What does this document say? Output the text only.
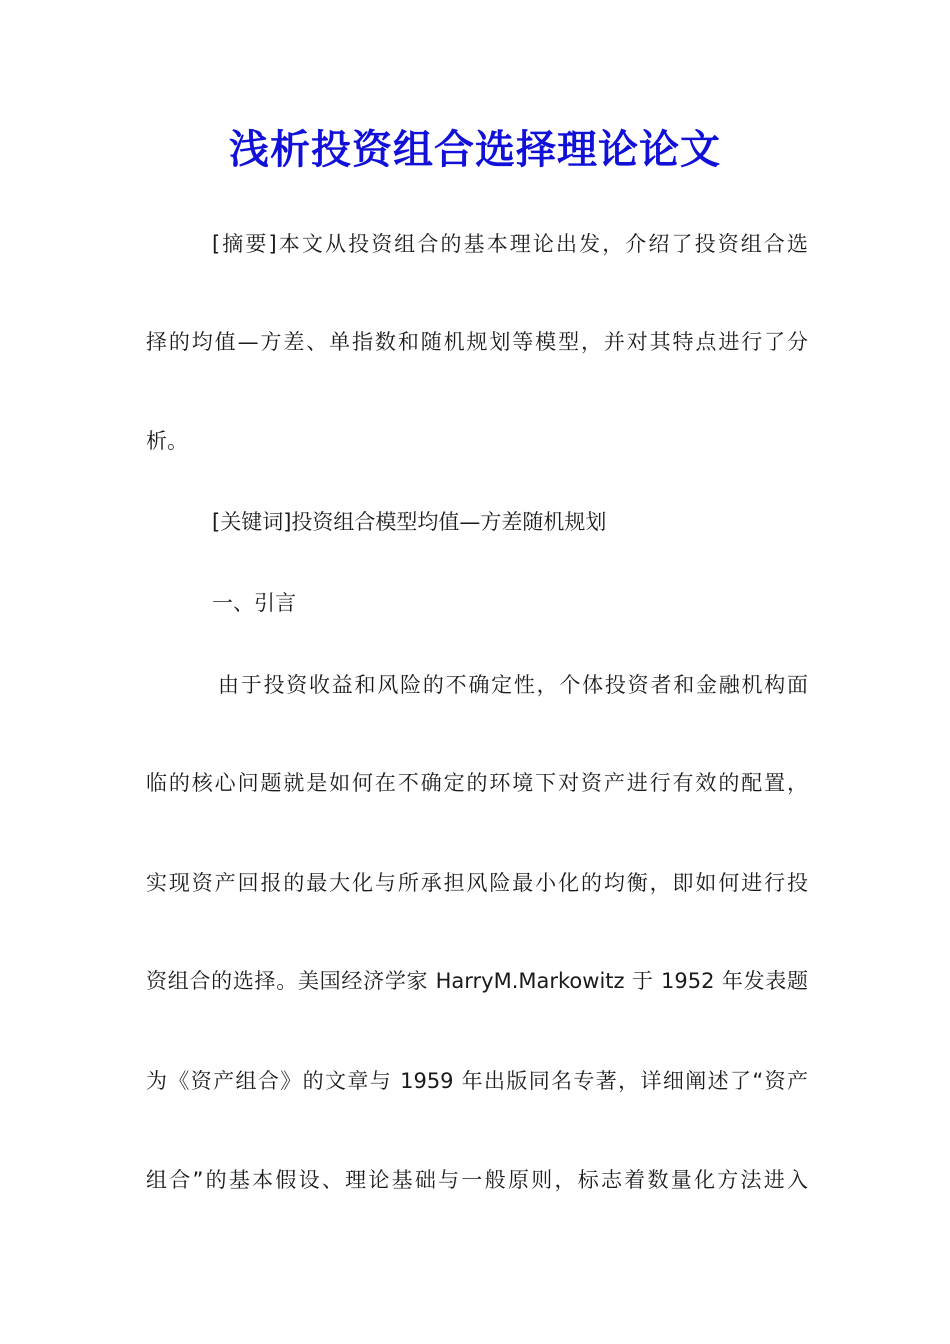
浅析投资组合选择理论论文

[摘要]本文从投资组合的基本理论出发，介绍了投资组合选

择的均值—方差、单指数和随机规划等模型，并对其特点进行了分

析。

[关键词]投资组合模型均值—方差随机规划

一、引言

由于投资收益和风险的不确定性，个体投资者和金融机构面

临的核心问题就是如何在不确定的环境下对资产进行有效的配置，

实现资产回报的最大化与所承担风险最小化的均衡，即如何进行投

资组合的选择。美国经济学家 HarryM.Markowitz 于 1952 年发表题

为《资产组合》的文章与 1959 年出版同名专著，详细阐述了“资产

组合”的基本假设、理论基础与一般原则，标志着数量化方法进入
